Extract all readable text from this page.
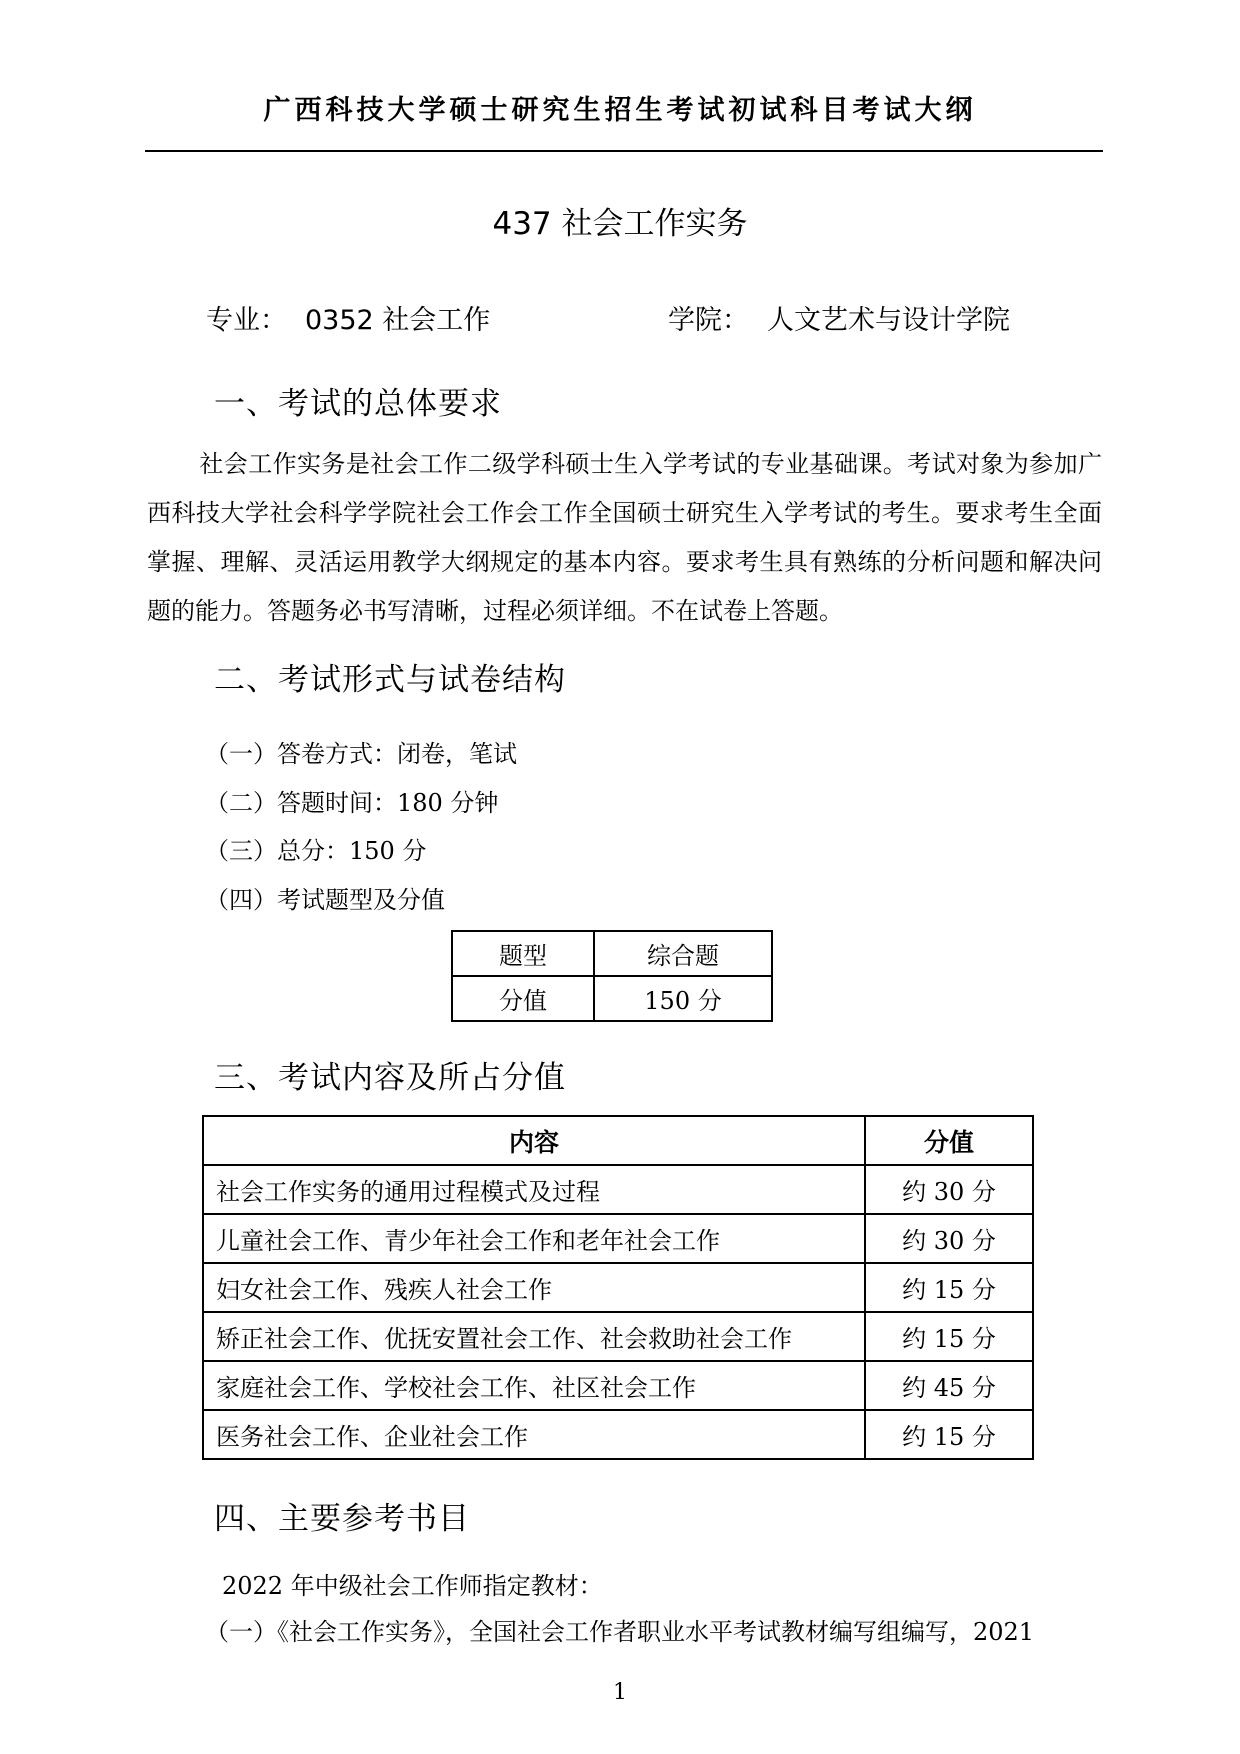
广西科技大学硕士研究生招生考试初试科目考试大纲
437 社会工作实务
专业： 0352 社会工作	学院： 人文艺术与设计学院
一、考试的总体要求

社会工作实务是社会工作二级学科硕士生入学考试的专业基础课。考试对象为参加广西科技大学社会科学学院社会工作会工作全国硕士研究生入学考试的考生。要求考生全面掌握、理解、灵活运用教学大纲规定的基本内容。要求考生具有熟练的分析问题和解决问题的能力。答题务必书写清晰，过程必须详细。不在试卷上答题。

二、考试形式与试卷结构
（一）答卷方式：闭卷，笔试
（二）答题时间：180 分钟
（三）总分：150 分
（四）考试题型及分值
题型	综合题
分值	150 分
三、考试内容及所占分值
内容	分值
社会工作实务的通用过程模式及过程	约 30 分
儿童社会工作、青少年社会工作和老年社会工作	约 30 分
妇女社会工作、残疾人社会工作	约 15 分
矫正社会工作、优抚安置社会工作、社会救助社会工作	约 15 分
家庭社会工作、学校社会工作、社区社会工作	约 45 分
医务社会工作、企业社会工作	约 15 分
四、主要参考书目
2022 年中级社会工作师指定教材：
（一）《社会工作实务》，全国社会工作者职业水平考试教材编写组编写，2021
1
